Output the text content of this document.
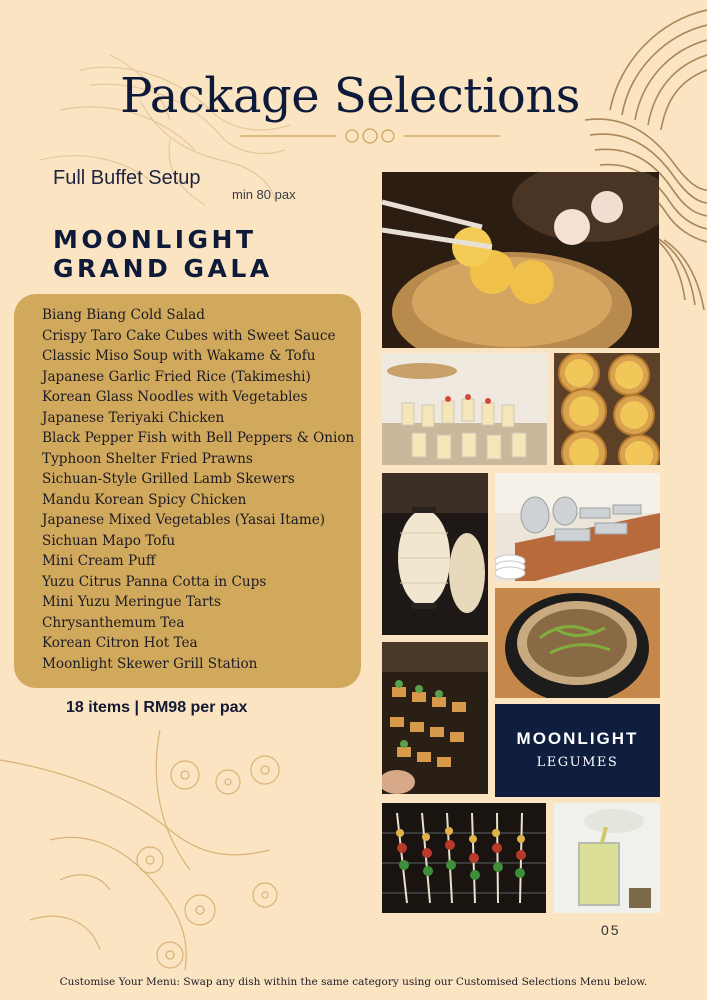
Package Selections
Full Buffet Setup
min 80 pax
MOONLIGHT
GRAND GALA
Biang Biang Cold Salad
Crispy Taro Cake Cubes with Sweet Sauce
Classic Miso Soup with Wakame & Tofu
Japanese Garlic Fried Rice (Takimeshi)
Korean Glass Noodles with Vegetables
Japanese Teriyaki Chicken
Black Pepper Fish with Bell Peppers & Onion
Typhoon Shelter Fried Prawns
Sichuan-Style Grilled Lamb Skewers
Mandu Korean Spicy Chicken
Japanese Mixed Vegetables (Yasai Itame)
Sichuan Mapo Tofu
Mini Cream Puff
Yuzu Citrus Panna Cotta in Cups
Mini Yuzu Meringue Tarts
Chrysanthemum Tea
Korean Citron Hot Tea
Moonlight Skewer Grill Station
18 items | RM98 per pax
MOONLIGHT
LEGUMES
05
Customise Your Menu: Swap any dish within the same category using our Customised Selections Menu below.
